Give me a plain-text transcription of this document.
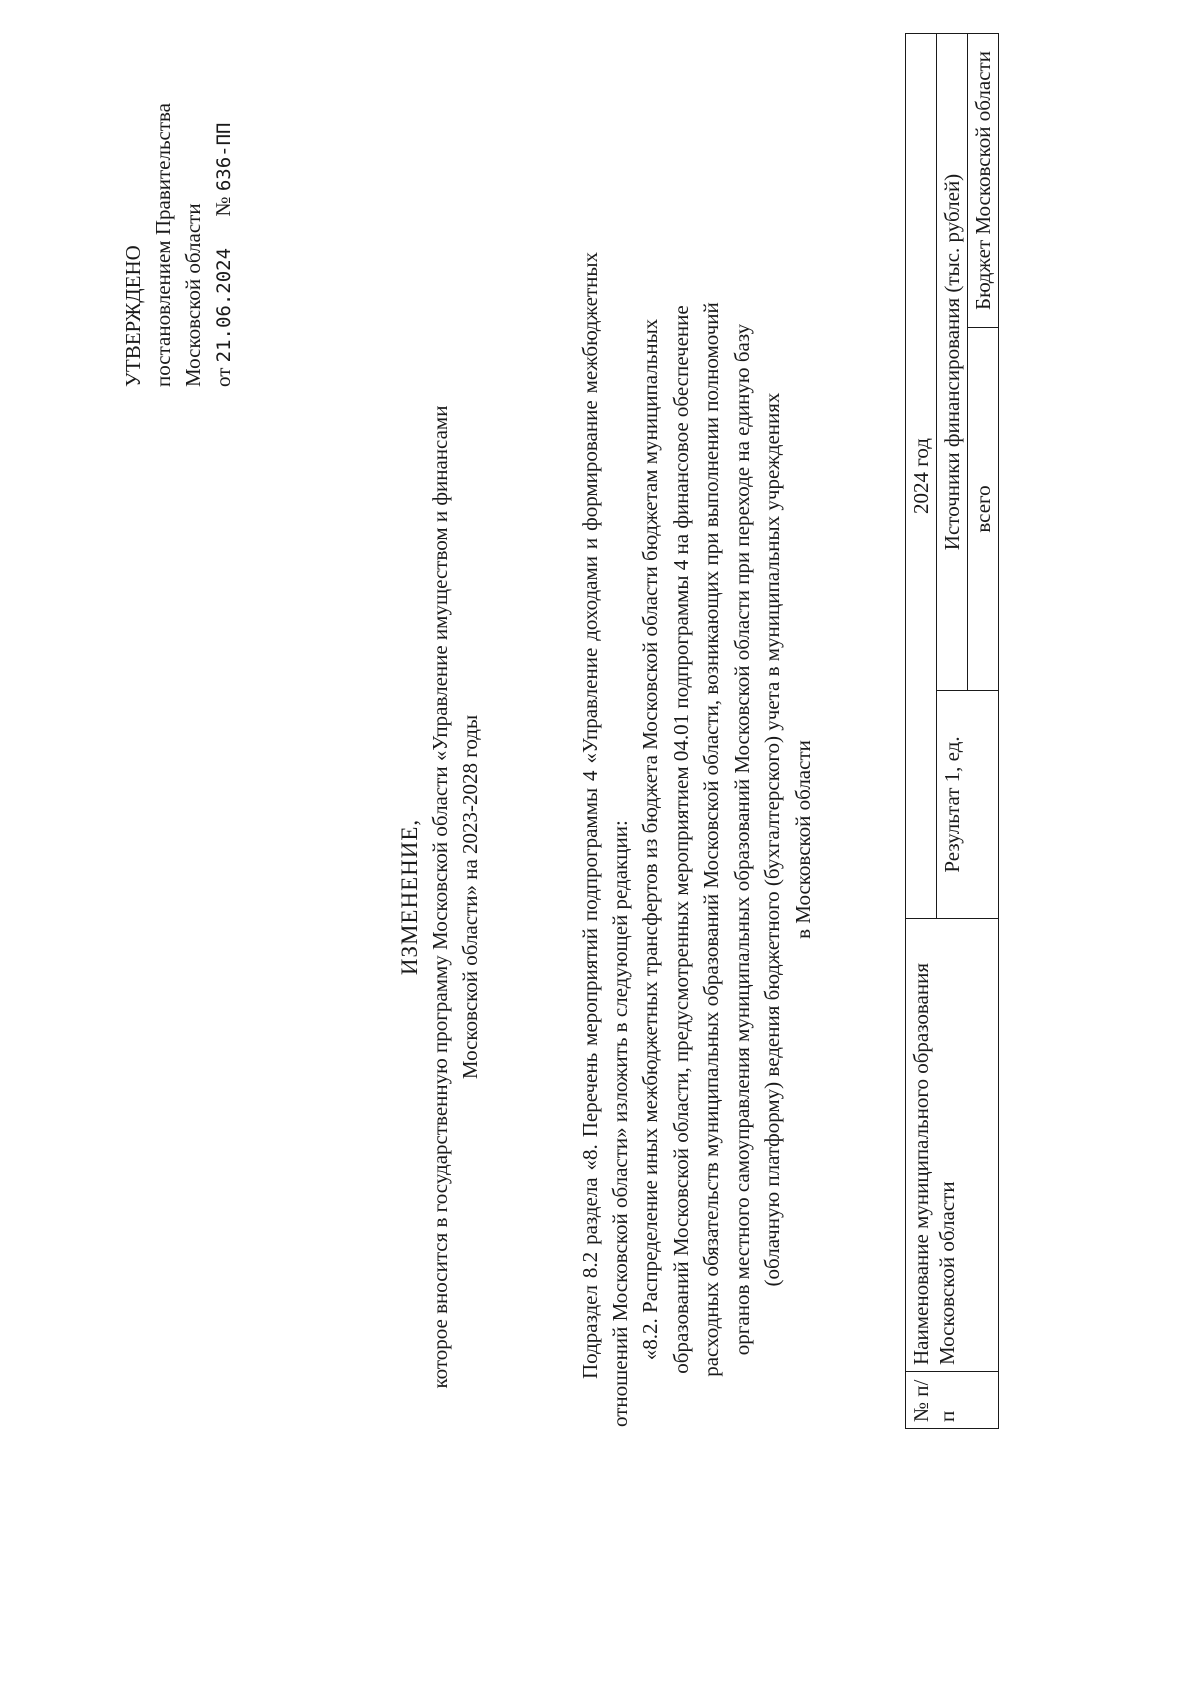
УТВЕРЖДЕНО постановлением Правительства Московской области от 21.06.2024      № 636-ПП
ИЗМЕНЕНИЕ, которое вносится в государственную программу Московской области «Управление имуществом и финансами Московской области» на 2023-2028 годы	Подраздел 8.2 раздела «8. Перечень мероприятий подпрограммы 4 «Управление доходами и формирование межбюджетных отношений Московской области» изложить в следующей редакции: «8.2. Распределение иных межбюджетных трансфертов из бюджета Московской области бюджетам муниципальных образований Московской области, предусмотренных мероприятием 04.01 подпрограммы 4 на финансовое обеспечение расходных обязательств муниципальных образований Московской области, возникающих при выполнении полномочий органов местного самоуправления муниципальных образований Московской области при переходе на единую базу (облачную платформу) ведения бюджетного (бухгалтерского) учета в муниципальных учреждениях в Московской области

№ п/п	Наименование муниципального образования Московской области	2024 год		
		Результат 1, ед.	Источники финансирования (тыс. рублей)	
			всего	Бюджет Московской области
